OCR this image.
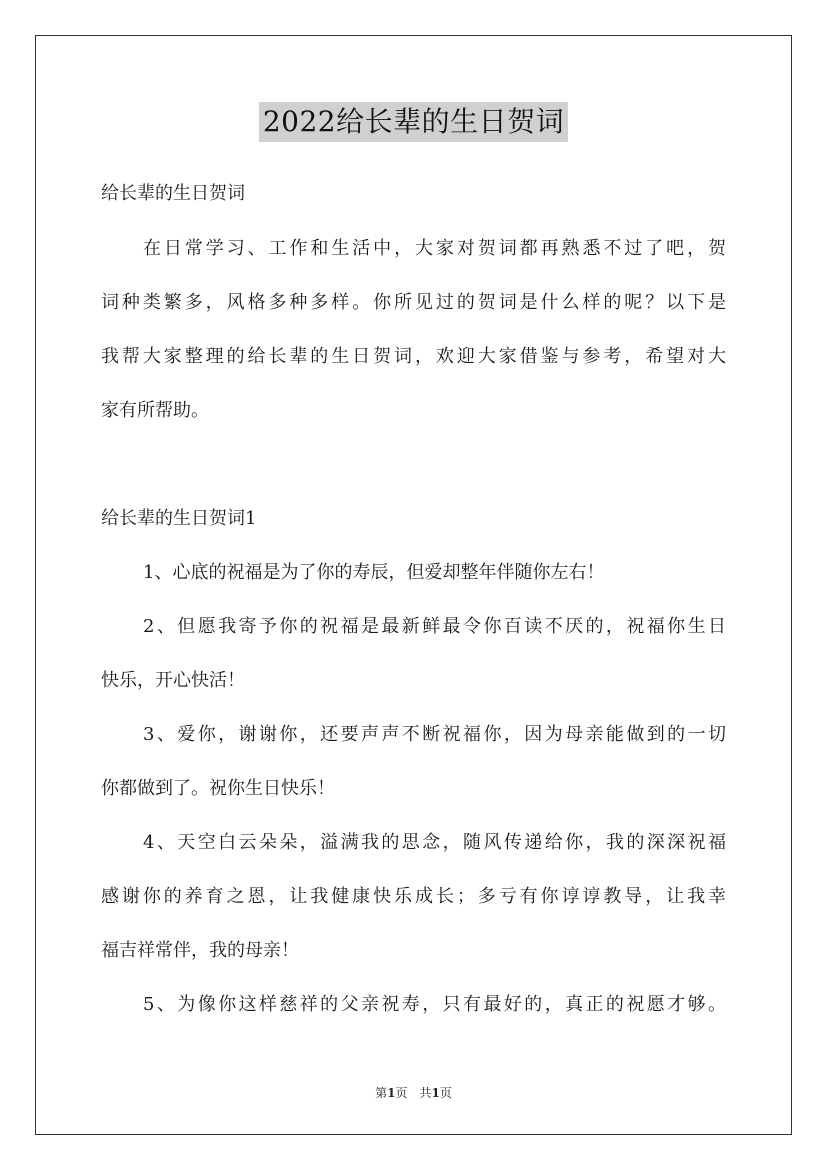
2022给长辈的生日贺词
给长辈的生日贺词
在日常学习、工作和生活中，大家对贺词都再熟悉不过了吧，贺
词种类繁多，风格多种多样。你所见过的贺词是什么样的呢？以下是
我帮大家整理的给长辈的生日贺词，欢迎大家借鉴与参考，希望对大
家有所帮助。
给长辈的生日贺词1
1、心底的祝福是为了你的寿辰，但爱却整年伴随你左右！
2、但愿我寄予你的祝福是最新鲜最令你百读不厌的，祝福你生日
快乐，开心快活！
3、爱你，谢谢你，还要声声不断祝福你，因为母亲能做到的一切
你都做到了。祝你生日快乐！
4、天空白云朵朵，溢满我的思念，随风传递给你，我的深深祝福
感谢你的养育之恩，让我健康快乐成长；多亏有你谆谆教导，让我幸
福吉祥常伴，我的母亲！
5、为像你这样慈祥的父亲祝寿，只有最好的，真正的祝愿才够。
第1页　共1页
